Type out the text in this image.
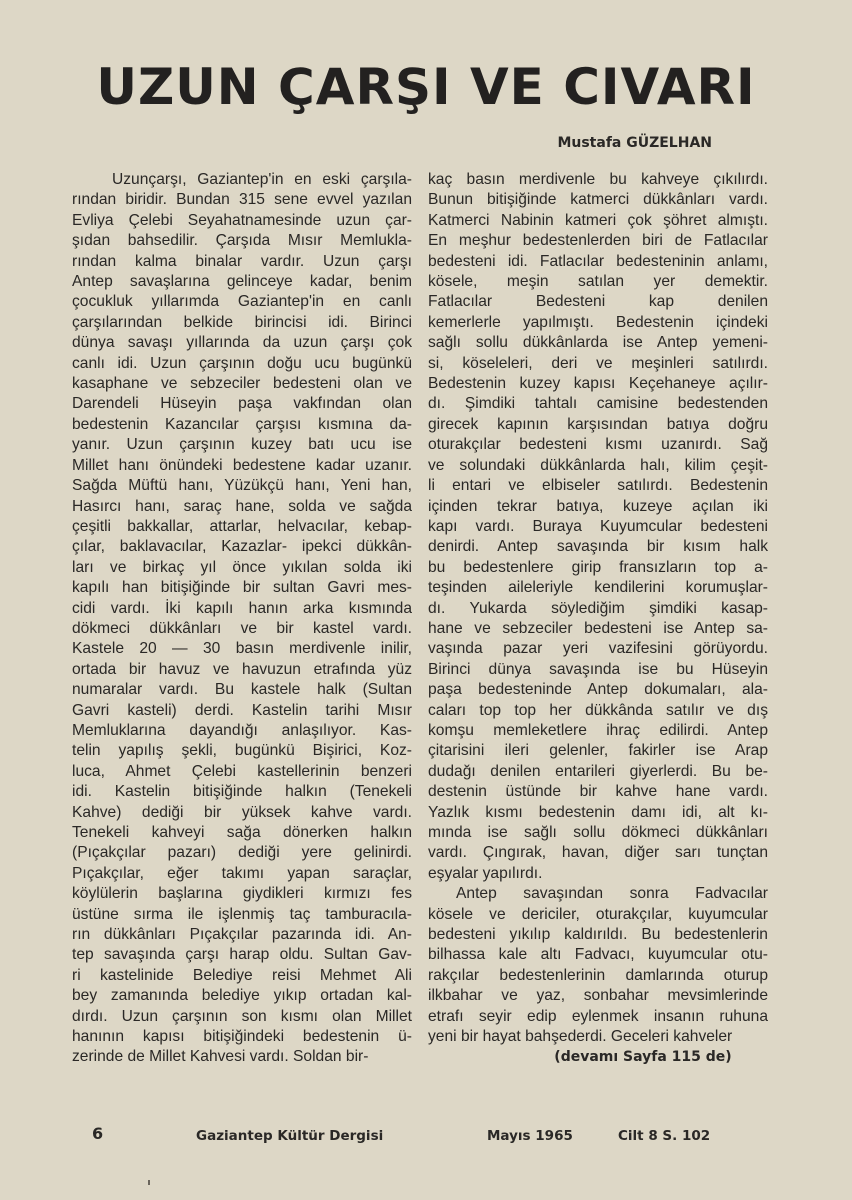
UZUN ÇARŞI VE CIVARI
Mustafa GÜZELHAN
Uzunçarşı, Gaziantep'in en eski çarşıla-
rından biridir. Bundan 315 sene evvel yazılan
Evliya Çelebi Seyahatnamesinde uzun çar-
şıdan bahsedilir. Çarşıda Mısır Memlukla-
rından kalma binalar vardır. Uzun çarşı
Antep savaşlarına gelinceye kadar, benim
çocukluk yıllarımda Gaziantep'in en canlı
çarşılarından belkide birincisi idi. Birinci
dünya savaşı yıllarında da uzun çarşı çok
canlı idi. Uzun çarşının doğu ucu bugünkü
kasaphane ve sebzeciler bedesteni olan ve
Darendeli Hüseyin paşa vakfından olan
bedestenin Kazancılar çarşısı kısmına da-
yanır. Uzun çarşının kuzey batı ucu ise
Millet hanı önündeki bedestene kadar uzanır.
Sağda Müftü hanı, Yüzükçü hanı, Yeni han,
Hasırcı hanı, saraç hane, solda ve sağda
çeşitli bakkallar, attarlar, helvacılar, kebap-
çılar, baklavacılar, Kazazlar- ipekci dükkân-
ları ve birkaç yıl önce yıkılan solda iki
kapılı han bitişiğinde bir sultan Gavri mes-
cidi vardı. İki kapılı hanın arka kısmında
dökmeci dükkânları ve bir kastel vardı.
Kastele 20 — 30 basın merdivenle inilir,
ortada bir havuz ve havuzun etrafında yüz
numaralar vardı. Bu kastele halk (Sultan
Gavri kasteli) derdi. Kastelin tarihi Mısır
Memluklarına dayandığı anlaşılıyor. Kas-
telin yapılış şekli, bugünkü Bişirici, Koz-
luca, Ahmet Çelebi kastellerinin benzeri
idi. Kastelin bitişiğinde halkın (Tenekeli
Kahve) dediği bir yüksek kahve vardı.
Tenekeli kahveyi sağa dönerken halkın
(Pıçakçılar pazarı) dediği yere gelinirdi.
Pıçakçılar, eğer takımı yapan saraçlar,
köylülerin başlarına giydikleri kırmızı fes
üstüne sırma ile işlenmiş taç tamburacıla-
rın dükkânları Pıçakçılar pazarında idi. An-
tep savaşında çarşı harap oldu. Sultan Gav-
ri kastelinide Belediye reisi Mehmet Ali
bey zamanında belediye yıkıp ortadan kal-
dırdı. Uzun çarşının son kısmı olan Millet
hanının kapısı bitişiğindeki bedestenin ü-
zerinde de Millet Kahvesi vardı. Soldan bir-
kaç basın merdivenle bu kahveye çıkılırdı.
Bunun bitişiğinde katmerci dükkânları vardı.
Katmerci Nabinin katmeri çok şöhret almıştı.
En meşhur bedestenlerden biri de Fatlacılar
bedesteni idi. Fatlacılar bedesteninin anlamı,
kösele, meşin satılan yer demektir.
Fatlacılar Bedesteni kap denilen
kemerlerle yapılmıştı. Bedestenin içindeki
sağlı sollu dükkânlarda ise Antep yemeni-
si, köseleleri, deri ve meşinleri satılırdı.
Bedestenin kuzey kapısı Keçehaneye açılır-
dı. Şimdiki tahtalı camisine bedestenden
girecek kapının karşısından batıya doğru
oturakçılar bedesteni kısmı uzanırdı. Sağ
ve solundaki dükkânlarda halı, kilim çeşit-
li entari ve elbiseler satılırdı. Bedestenin
içinden tekrar batıya, kuzeye açılan iki
kapı vardı. Buraya Kuyumcular bedesteni
denirdi. Antep savaşında bir kısım halk
bu bedestenlere girip fransızların top a-
teşinden aileleriyle kendilerini korumuşlar-
dı. Yukarda söylediğim şimdiki kasap-
hane ve sebzeciler bedesteni ise Antep sa-
vaşında pazar yeri vazifesini görüyordu.
Birinci dünya savaşında ise bu Hüseyin
paşa bedesteninde Antep dokumaları, ala-
caları top top her dükkânda satılır ve dış
komşu memleketlere ihraç edilirdi. Antep
çitarisini ileri gelenler, fakirler ise Arap
dudağı denilen entarileri giyerlerdi. Bu be-
destenin üstünde bir kahve hane vardı.
Yazlık kısmı bedestenin damı idi, alt kı-
mında ise sağlı sollu dökmeci dükkânları
vardı. Çıngırak, havan, diğer sarı tunçtan
eşyalar yapılırdı.
Antep savaşından sonra Fadvacılar
kösele ve dericiler, oturakçılar, kuyumcular
bedesteni yıkılıp kaldırıldı. Bu bedestenlerin
bilhassa kale altı Fadvacı, kuyumcular otu-
rakçılar bedestenlerinin damlarında oturup
ilkbahar ve yaz, sonbahar mevsimlerinde
etrafı seyir edip eylenmek insanın ruhuna
yeni bir hayat bahşederdi. Geceleri kahveler
(devamı Sayfa 115 de)
6	Gaziantep Kültür Dergisi	Mayıs 1965	Cilt 8 S. 102
